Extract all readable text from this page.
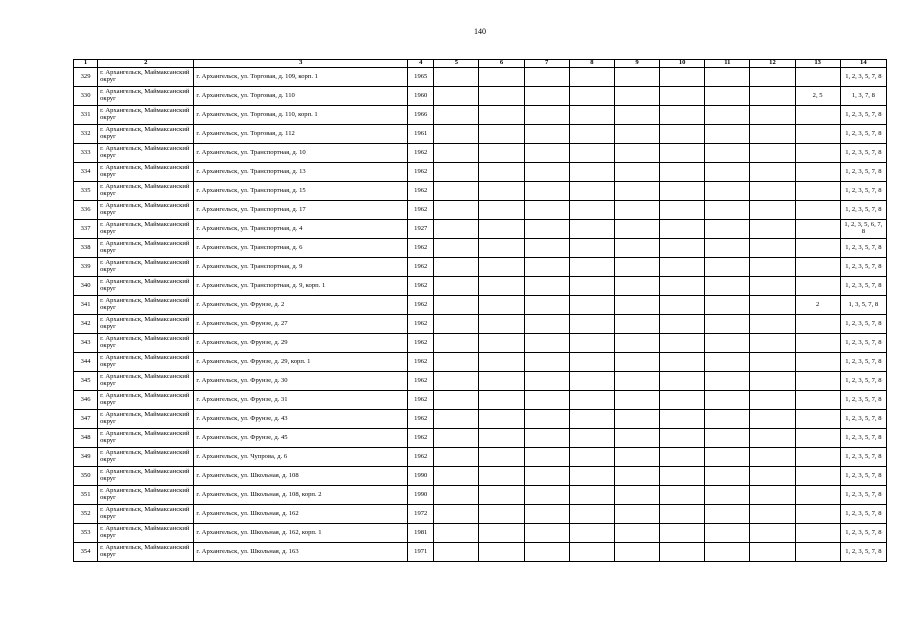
140
1	2	3	4	5	6	7	8	9	10	11	12	13	14
329	г. Архангельск, Маймаксанский округ	г. Архангельск, ул. Торговая, д. 109, корп. 1	1965										1, 2, 3, 5, 7, 8
330	г. Архангельск, Маймаксанский округ	г. Архангельск, ул. Торговая, д. 110	1960									2, 5	1, 3, 7, 8
331	г. Архангельск, Маймаксанский округ	г. Архангельск, ул. Торговая, д. 110, корп. 1	1966										1, 2, 3, 5, 7, 8
332	г. Архангельск, Маймаксанский округ	г. Архангельск, ул. Торговая, д. 112	1961										1, 2, 3, 5, 7, 8
333	г. Архангельск, Маймаксанский округ	г. Архангельск, ул. Транспортная, д. 10	1962										1, 2, 3, 5, 7, 8
334	г. Архангельск, Маймаксанский округ	г. Архангельск, ул. Транспортная, д. 13	1962										1, 2, 3, 5, 7, 8
335	г. Архангельск, Маймаксанский округ	г. Архангельск, ул. Транспортная, д. 15	1962										1, 2, 3, 5, 7, 8
336	г. Архангельск, Маймаксанский округ	г. Архангельск, ул. Транспортная, д. 17	1962										1, 2, 3, 5, 7, 8
337	г. Архангельск, Маймаксанский округ	г. Архангельск, ул. Транспортная, д. 4	1927										1, 2, 3, 5, 6, 7, 8
338	г. Архангельск, Маймаксанский округ	г. Архангельск, ул. Транспортная, д. 6	1962										1, 2, 3, 5, 7, 8
339	г. Архангельск, Маймаксанский округ	г. Архангельск, ул. Транспортная, д. 9	1962										1, 2, 3, 5, 7, 8
340	г. Архангельск, Маймаксанский округ	г. Архангельск, ул. Транспортная, д. 9, корп. 1	1962										1, 2, 3, 5, 7, 8
341	г. Архангельск, Маймаксанский округ	г. Архангельск, ул. Фрунзе, д. 2	1962									2	1, 3, 5, 7, 8
342	г. Архангельск, Маймаксанский округ	г. Архангельск, ул. Фрунзе, д. 27	1962										1, 2, 3, 5, 7, 8
343	г. Архангельск, Маймаксанский округ	г. Архангельск, ул. Фрунзе, д. 29	1962										1, 2, 3, 5, 7, 8
344	г. Архангельск, Маймаксанский округ	г. Архангельск, ул. Фрунзе, д. 29, корп. 1	1962										1, 2, 3, 5, 7, 8
345	г. Архангельск, Маймаксанский округ	г. Архангельск, ул. Фрунзе, д. 30	1962										1, 2, 3, 5, 7, 8
346	г. Архангельск, Маймаксанский округ	г. Архангельск, ул. Фрунзе, д. 31	1962										1, 2, 3, 5, 7, 8
347	г. Архангельск, Маймаксанский округ	г. Архангельск, ул. Фрунзе, д. 43	1962										1, 2, 3, 5, 7, 8
348	г. Архангельск, Маймаксанский округ	г. Архангельск, ул. Фрунзе, д. 45	1962										1, 2, 3, 5, 7, 8
349	г. Архангельск, Маймаксанский округ	г. Архангельск, ул. Чупрова, д. 6	1962										1, 2, 3, 5, 7, 8
350	г. Архангельск, Маймаксанский округ	г. Архангельск, ул. Школьная, д. 108	1990										1, 2, 3, 5, 7, 8
351	г. Архангельск, Маймаксанский округ	г. Архангельск, ул. Школьная, д. 108, корп. 2	1990										1, 2, 3, 5, 7, 8
352	г. Архангельск, Маймаксанский округ	г. Архангельск, ул. Школьная, д. 162	1972										1, 2, 3, 5, 7, 8
353	г. Архангельск, Маймаксанский округ	г. Архангельск, ул. Школьная, д. 162, корп. 1	1981										1, 2, 3, 5, 7, 8
354	г. Архангельск, Маймаксанский округ	г. Архангельск, ул. Школьная, д. 163	1971										1, 2, 3, 5, 7, 8
